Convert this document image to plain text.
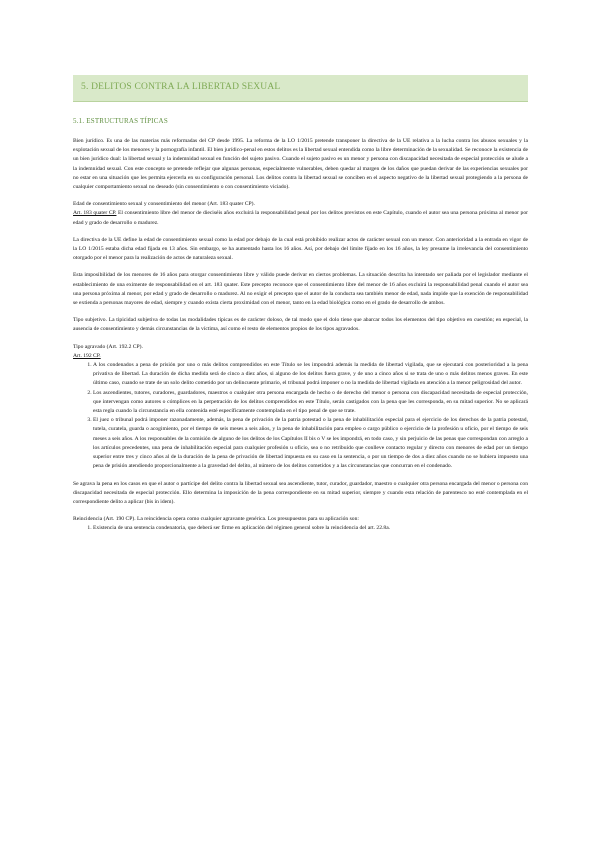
5. DELITOS CONTRA LA LIBERTAD SEXUAL
5.1. ESTRUCTURAS TÍPICAS

Bien jurídico. Es una de las materias más reformadas del CP desde 1995. La reforma de la LO 1/2015 pretende transponer la directiva de la UE relativa a la lucha contra los abusos sexuales y la explotación sexual de los menores y la pornografía infantil. El bien jurídico-penal en estos delitos es la libertad sexual entendida como la libre determinación de la sexualidad. Se reconoce la existencia de un bien jurídico dual: la libertad sexual y la indemnidad sexual en función del sujeto pasivo. Cuando el sujeto pasivo es un menor y persona con discapacidad necesitada de especial protección se alude a la indemnidad sexual. Con este concepto se pretende reflejar que algunas personas, especialmente vulnerables, deben quedar al margen de los daños que puedan derivar de las experiencias sexuales por no estar en una situación que les permita ejercerla en su configuración personal. Los delitos contra la libertad sexual se conciben en el aspecto negativo de la libertad sexual protegiendo a la persona de cualquier comportamiento sexual no deseado (sin consentimiento o con consentimiento viciado).

Edad de consentimiento sexual y consentimiento del menor (Art. 183 quater CP).

Art. 183 quater CP. El consentimiento libre del menor de dieciséis años excluirá la responsabilidad penal por los delitos previstos en este Capítulo, cuando el autor sea una persona próxima al menor por edad y grado de desarrollo o madurez.

La directiva de la UE define la edad de consentimiento sexual como la edad por debajo de la cual está prohibido realizar actos de carácter sexual con un menor. Con anterioridad a la entrada en vigor de la LO 1/2015 estaba dicha edad fijada en 13 años. Sin embargo, se ha aumentado hasta los 16 años. Así, por debajo del límite fijado en los 16 años, la ley presume la irrelevancia del consentimiento otorgado por el menor para la realización de actos de naturaleza sexual.

Esta imposibilidad de los menores de 16 años para otorgar consentimiento libre y válido puede derivar en ciertos problemas. La situación descrita ha intentado ser paliada por el legislador mediante el establecimiento de una eximente de responsabilidad en el art. 183 quater. Este precepto reconoce que el consentimiento libre del menor de 16 años excluirá la responsabilidad penal cuando el autor sea una persona próxima al menor, por edad y grado de desarrollo o madurez. Al no exigir el precepto que el autor de la conducta sea también menor de edad, nada impide que la exención de responsabilidad se extienda a personas mayores de edad, siempre y cuando exista cierta proximidad con el menor, tanto en la edad biológica como en el grado de desarrollo de ambos.

Tipo subjetivo. La tipicidad subjetiva de todas las modalidades típicas es de carácter doloso, de tal modo que el dolo tiene que abarcar todos los elementos del tipo objetivo en cuestión; en especial, la ausencia de consentimiento y demás circunstancias de la víctima, así como el resto de elementos propios de los tipos agravados.

Tipo agravado (Art. 192.2 CP).

Art. 192 CP.

1. A los condenados a pena de prisión por uno o más delitos comprendidos en este Título se les impondrá además la medida de libertad vigilada, que se ejecutará con posterioridad a la pena privativa de libertad. La duración de dicha medida será de cinco a diez años, si alguno de los delitos fuera grave, y de uno a cinco años si se trata de uno o más delitos menos graves. En este último caso, cuando se trate de un solo delito cometido por un delincuente primario, el tribunal podrá imponer o no la medida de libertad vigilada en atención a la menor peligrosidad del autor.
2. Los ascendientes, tutores, curadores, guardadores, maestros o cualquier otra persona encargada de hecho o de derecho del menor o persona con discapacidad necesitada de especial protección, que intervengan como autores o cómplices en la perpetración de los delitos comprendidos en este Título, serán castigados con la pena que les corresponda, en su mitad superior. No se aplicará esta regla cuando la circunstancia en ella contenida esté específicamente contemplada en el tipo penal de que se trate.
3. El juez o tribunal podrá imponer razonadamente, además, la pena de privación de la patria potestad o la pena de inhabilitación especial para el ejercicio de los derechos de la patria potestad, tutela, curatela, guarda o acogimiento, por el tiempo de seis meses a seis años, y la pena de inhabilitación para empleo o cargo público o ejercicio de la profesión u oficio, por el tiempo de seis meses a seis años. A los responsables de la comisión de alguno de los delitos de los Capítulos II bis o V se les impondrá, en todo caso, y sin perjuicio de las penas que correspondan con arreglo a los artículos precedentes, una pena de inhabilitación especial para cualquier profesión u oficio, sea o no retribuido que conlleve contacto regular y directo con menores de edad por un tiempo superior entre tres y cinco años al de la duración de la pena de privación de libertad impuesta en su caso en la sentencia, o por un tiempo de dos a diez años cuando no se hubiera impuesto una pena de prisión atendiendo proporcionalmente a la gravedad del delito, al número de los delitos cometidos y a las circunstancias que concurran en el condenado.

Se agrava la pena en los casos en que el autor o partícipe del delito contra la libertad sexual sea ascendiente, tutor, curador, guardador, maestro o cualquier otra persona encargada del menor o persona con discapacidad necesitada de especial protección. Ello determina la imposición de la pena correspondiente en su mitad superior, siempre y cuando esta relación de parentesco no esté contemplada en el correspondiente delito a aplicar (bis in idem).

Reincidencia (Art. 190 CP). La reincidencia opera como cualquier agravante genérica. Los presupuestos para su aplicación son:

1. Existencia de una sentencia condenatoria, que deberá ser firme en aplicación del régimen general sobre la reincidencia del art. 22.8a.
